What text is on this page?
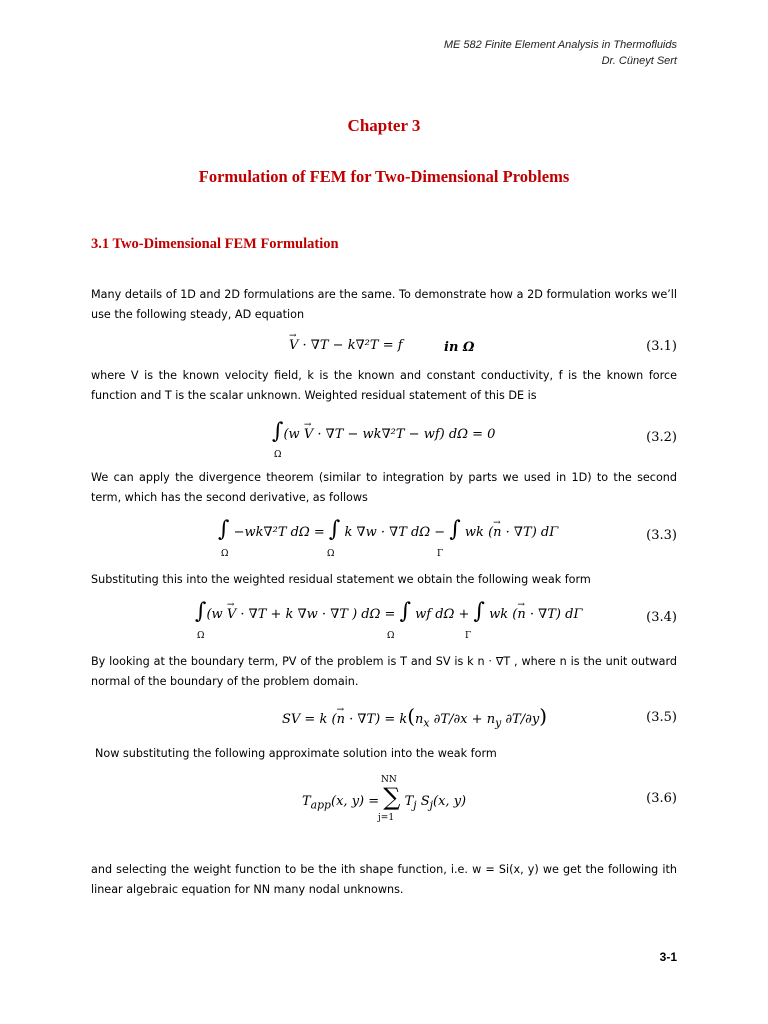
ME 582 Finite Element Analysis in Thermofluids
Dr. Cüneyt Sert
Chapter 3
Formulation of FEM for Two-Dimensional Problems
3.1 Two-Dimensional FEM Formulation
Many details of 1D and 2D formulations are the same. To demonstrate how a 2D formulation works we’ll use the following steady, AD equation
→ V · ∇T − k∇²T = f	in Ω	(3.1)
where V is the known velocity field, k is the known and constant conductivity, f is the known force function and T is the scalar unknown. Weighted residual statement of this DE is
∫(w → V · ∇T − wk∇²T − wf) dΩ = 0
Ω
(3.2)
We can apply the divergence theorem (similar to integration by parts we used in 1D) to the second term, which has the second derivative, as follows
∫ −wk∇²T dΩ = ∫ k ∇w · ∇T dΩ − ∫ wk (→ n · ∇T) dΓ
Ω	Ω	Γ
(3.3)
Substituting this into the weighted residual statement we obtain the following weak form
∫(w → V · ∇T + k ∇w · ∇T ) dΩ = ∫ wf dΩ + ∫ wk (→ n · ∇T) dΓ
Ω	Ω	Γ
(3.4)
By looking at the boundary term, PV of the problem is T and SV is k n · ∇T , where n is the unit outward normal of the boundary of the problem domain.
SV = k (→ $n \cdot \nabla T) = k(n_x$ $\partial T/\partial x + n_y$ ∂T/∂y)	(3.5)
Now substituting the following approximate solution into the weak form
NN
$T_{app}(x$, y) = ∑ $T_j$ $S_j(x$, y)
j=1
(3.6)
and selecting the weight function to be the ith shape function, i.e. w = Si(x, y) we get the following ith linear algebraic equation for NN many nodal unknowns.
3-1
